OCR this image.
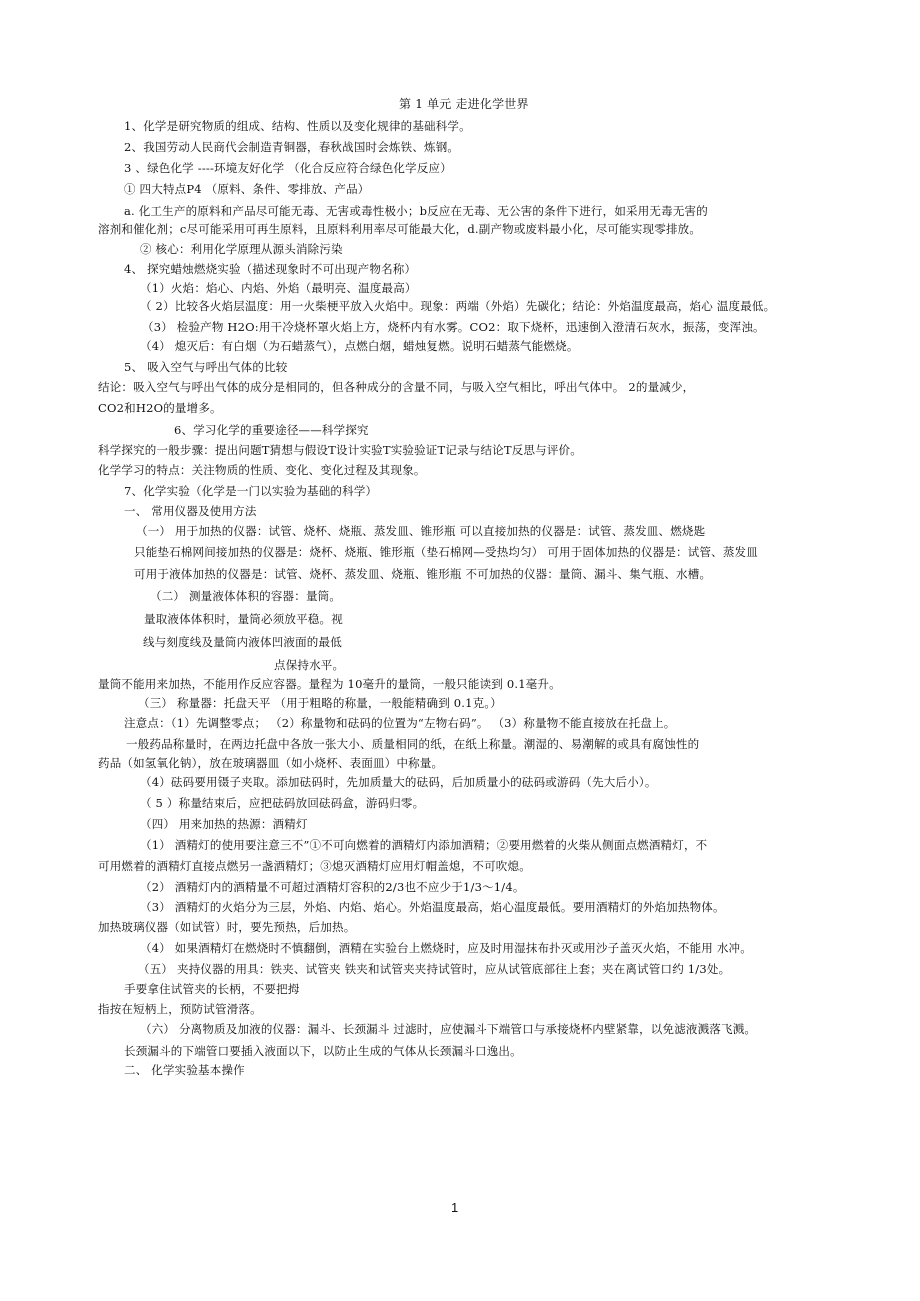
第 1 单元 走进化学世界
1、化学是研究物质的组成、结构、性质以及变化规律的基础科学。
2、我国劳动人民商代会制造青铜器，春秋战国时会炼铁、炼钢。
3 、绿色化学 ----环境友好化学 （化合反应符合绿色化学反应）
① 四大特点P4 （原料、条件、零排放、产品）
a. 化工生产的原料和产品尽可能无毒、无害或毒性极小；b反应在无毒、无公害的条件下进行，如采用无毒无害的
溶剂和催化剂；c尽可能采用可再生原料，且原料利用率尽可能最大化，d.副产物或废料最小化，尽可能实现零排放。
② 核心：利用化学原理从源头消除污染
4、 探究蜡烛燃烧实验（描述现象时不可出现产物名称）
（1）火焰：焰心、内焰、外焰（最明亮、温度最高）
（ 2）比较各火焰层温度：用一火柴梗平放入火焰中。现象：两端（外焰）先碳化；结论：外焰温度最高，焰心 温度最低。
（3） 检验产物 H2O:用干冷烧杯罩火焰上方，烧杯内有水雾。CO2：取下烧杯，迅速倒入澄清石灰水，振荡，变浑浊。
（4） 熄灭后：有白烟（为石蜡蒸气），点燃白烟，蜡烛复燃。说明石蜡蒸气能燃烧。
5、 吸入空气与呼出气体的比较
结论：吸入空气与呼出气体的成分是相同的，但各种成分的含量不同，与吸入空气相比，呼出气体中。 2的量减少，
CO2和H2O的量增多。
6、学习化学的重要途径——科学探究
科学探究的一般步骤：提出问题T猜想与假设T设计实验T实验验证T记录与结论T反思与评价。
化学学习的特点：关注物质的性质、变化、变化过程及其现象。
7、化学实验（化学是一门以实验为基础的科学）
一、 常用仪器及使用方法
（一） 用于加热的仪器：试管、烧杯、烧瓶、蒸发皿、锥形瓶 可以直接加热的仪器是：试管、蒸发皿、燃烧匙
只能垫石棉网间接加热的仪器是：烧杯、烧瓶、锥形瓶（垫石棉网—受热均匀） 可用于固体加热的仪器是：试管、蒸发皿
可用于液体加热的仪器是：试管、烧杯、蒸发皿、烧瓶、锥形瓶 不可加热的仪器：量筒、漏斗、集气瓶、水槽。
（二） 测量液体体积的容器：量筒。
量取液体体积时，量筒必须放平稳。视
线与刻度线及量筒内液体凹液面的最低
点保持水平。
量筒不能用来加热，不能用作反应容器。量程为 10毫升的量筒，一般只能读到 0.1毫升。
（三） 称量器：托盘天平 （用于粗略的称量，一般能精确到 0.1克。）
注意点：（1）先调整零点； （2）称量物和砝码的位置为“左物右码”。 （3）称量物不能直接放在托盘上。
一般药品称量时，在两边托盘中各放一张大小、质量相同的纸，在纸上称量。潮湿的、易潮解的或具有腐蚀性的
药品（如氢氧化钠），放在玻璃器皿（如小烧杯、表面皿）中称量。
（4）砝码要用镊子夹取。添加砝码时，先加质量大的砝码，后加质量小的砝码或游码（先大后小）。
（ 5 ）称量结束后，应把砝码放回砝码盒，游码归零。
（四） 用来加热的热源：酒精灯
（1） 酒精灯的使用要注意三不”①不可向燃着的酒精灯内添加酒精；②要用燃着的火柴从侧面点燃酒精灯，不
可用燃着的酒精灯直接点燃另一盏酒精灯；③熄灭酒精灯应用灯帽盖熄，不可吹熄。
（2） 酒精灯内的酒精量不可超过酒精灯容积的2/3也不应少于1/3～1/4。
（3） 酒精灯的火焰分为三层，外焰、内焰、焰心。外焰温度最高，焰心温度最低。要用酒精灯的外焰加热物体。
加热玻璃仪器（如试管）时，要先预热，后加热。
（4） 如果酒精灯在燃烧时不慎翻倒，酒精在实验台上燃烧时，应及时用湿抹布扑灭或用沙子盖灭火焰，不能用 水冲。
（五） 夹持仪器的用具：铁夹、试管夹 铁夹和试管夹夹持试管时，应从试管底部往上套；夹在离试管口约 1/3处。
手要拿住试管夹的长柄，不要把拇
指按在短柄上，预防试管滑落。
（六） 分离物质及加液的仪器：漏斗、长颈漏斗 过滤时，应使漏斗下端管口与承接烧杯内壁紧靠，以免滤液溅落飞溅。
长颈漏斗的下端管口要插入液面以下，以防止生成的气体从长颈漏斗口逸出。
二、 化学实验基本操作
1
